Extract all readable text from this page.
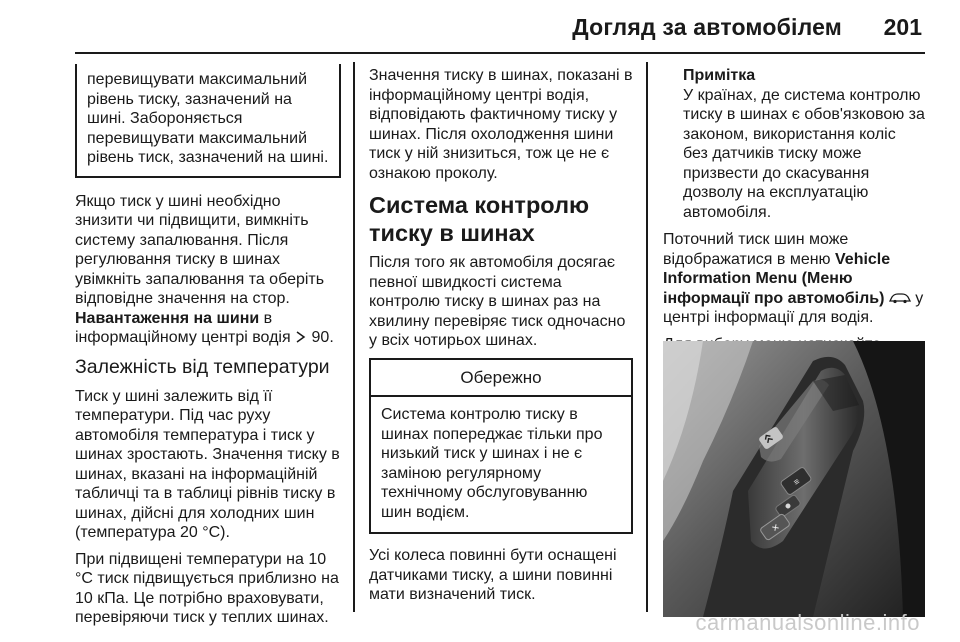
Догляд за автомобілем 201
перевищувати максимальний рівень тиску, зазначений на шині. Забороняється перевищувати максимальний рівень тиск, зазначений на шині.

Якщо тиск у шині необхідно знизити чи підвищити, вимкніть систему запалювання. Після регулювання тиску в шинах увімкніть запалювання та оберіть відповідне значення на стор. Навантаження на шини в інформаційному центрі водія  90.

Залежність від температури

Тиск у шині залежить від її температури. Під час руху автомобіля температура і тиск у шинах зростають. Значення тиску в шинах, вказані на інформаційній табличці та в таблиці рівнів тиску в шинах, дійсні для холодних шин (температура 20 °C).

При підвищені температури на 10 °C тиск підвищується приблизно на 10 кПа. Це потрібно враховувати, перевіряючи тиск у теплих шинах.

Значення тиску в шинах, показані в інформаційному центрі водія, відповідають фактичному тиску у шинах. Після охолодження шини тиск у ній знизиться, тож це не є ознакою проколу.

Система контролю тиску в шинах

Після того як автомобіля досягає певної швидкості система контролю тиску в шинах раз на хвилину перевіряє тиск одночасно у всіх чотирьох шинах.

Обережно
Система контролю тиску в шинах попереджає тільки про низький тиск у шинах і не є заміною регулярному технічному обслуговуванню шин водієм.

Усі колеса повинні бути оснащені датчиками тиску, а шини повинні мати визначений тиск.

Примітка
У країнах, де система контролю тиску в шинах є обов'язковою за законом, використання коліс без датчиків тиску може призвести до скасування дозволу на експлуатацію автомобіля.

Поточний тиск шин може відображатися в меню Vehicle Information Menu (Меню інформації про автомобіль)  у центрі інформації для водія.

≡
✕
carmanualsonline.info
